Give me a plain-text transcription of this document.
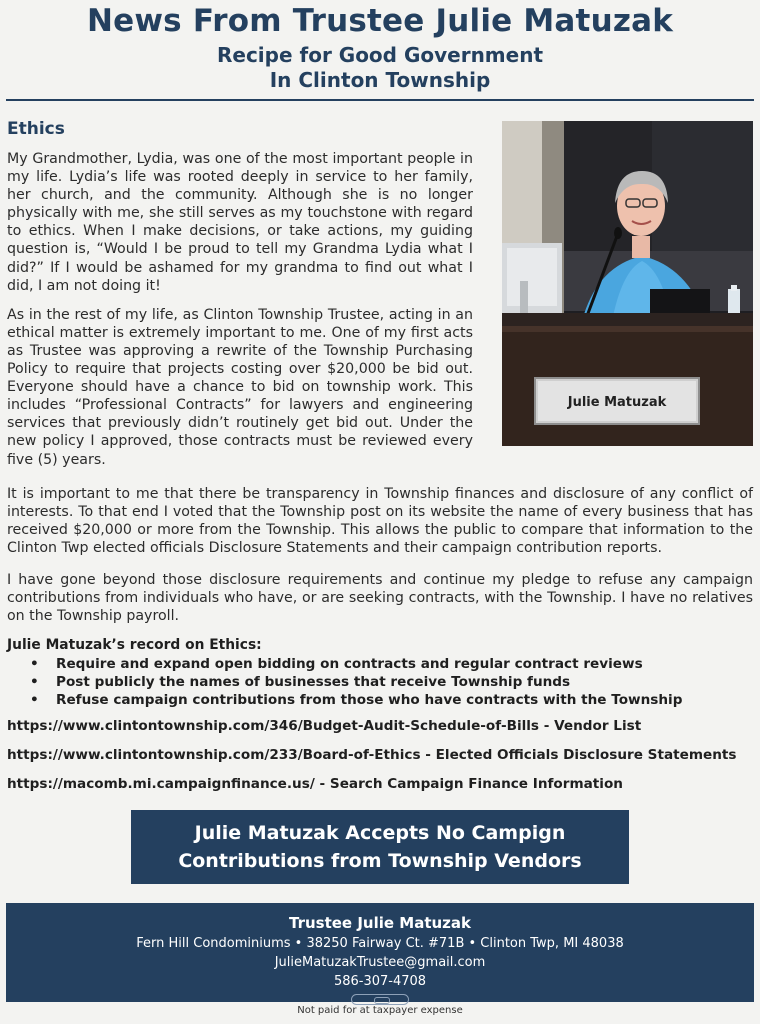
News From Trustee Julie Matuzak
Recipe for Good Government
In Clinton Township
Ethics

My Grandmother, Lydia, was one of the most important people in my life. Lydia’s life was rooted deeply in service to her family, her church, and the community. Although she is no longer physically with me, she still serves as my touchstone with regard to ethics. When I make decisions, or take actions, my guiding question is, “Would I be proud to tell my Grandma Lydia what I did?” If I would be ashamed for my grandma to find out what I did, I am not doing it!

As in the rest of my life, as Clinton Township Trustee, acting in an ethical matter is extremely important to me. One of my first acts as Trustee was approving a rewrite of the Township Purchasing Policy to require that projects costing over $20,000 be bid out. Everyone should have a chance to bid on township work. This includes “Professional Contracts” for lawyers and engineering services that previously didn’t routinely get bid out. Under the new policy I approved, those contracts must be reviewed every five (5) years.

Julie Matuzak
It is important to me that there be transparency in Township finances and disclosure of any conflict of interests. To that end I voted that the Township post on its website the name of every business that has received $20,000 or more from the Township. This allows the public to compare that information to the Clinton Twp elected officials Disclosure Statements and their campaign contribution reports.
I have gone beyond those disclosure requirements and continue my pledge to refuse any campaign contributions from individuals who have, or are seeking contracts, with the Township. I have no relatives on the Township payroll.
Julie Matuzak’s record on Ethics:
• Require and expand open bidding on contracts and regular contract reviews
• Post publicly the names of businesses that receive Township funds
• Refuse campaign contributions from those who have contracts with the Township
https://www.clintontownship.com/346/Budget-Audit-Schedule-of-Bills - Vendor List
https://www.clintontownship.com/233/Board-of-Ethics - Elected Officials Disclosure Statements
https://macomb.mi.campaignfinance.us/ - Search Campaign Finance Information
Julie Matuzak Accepts No Campign
Contributions from Township Vendors
Trustee Julie Matuzak
Fern Hill Condominiums • 38250 Fairway Ct. #71B • Clinton Twp, MI 48038
JulieMatuzakTrustee@gmail.com
586-307-4708
Not paid for at taxpayer expense
